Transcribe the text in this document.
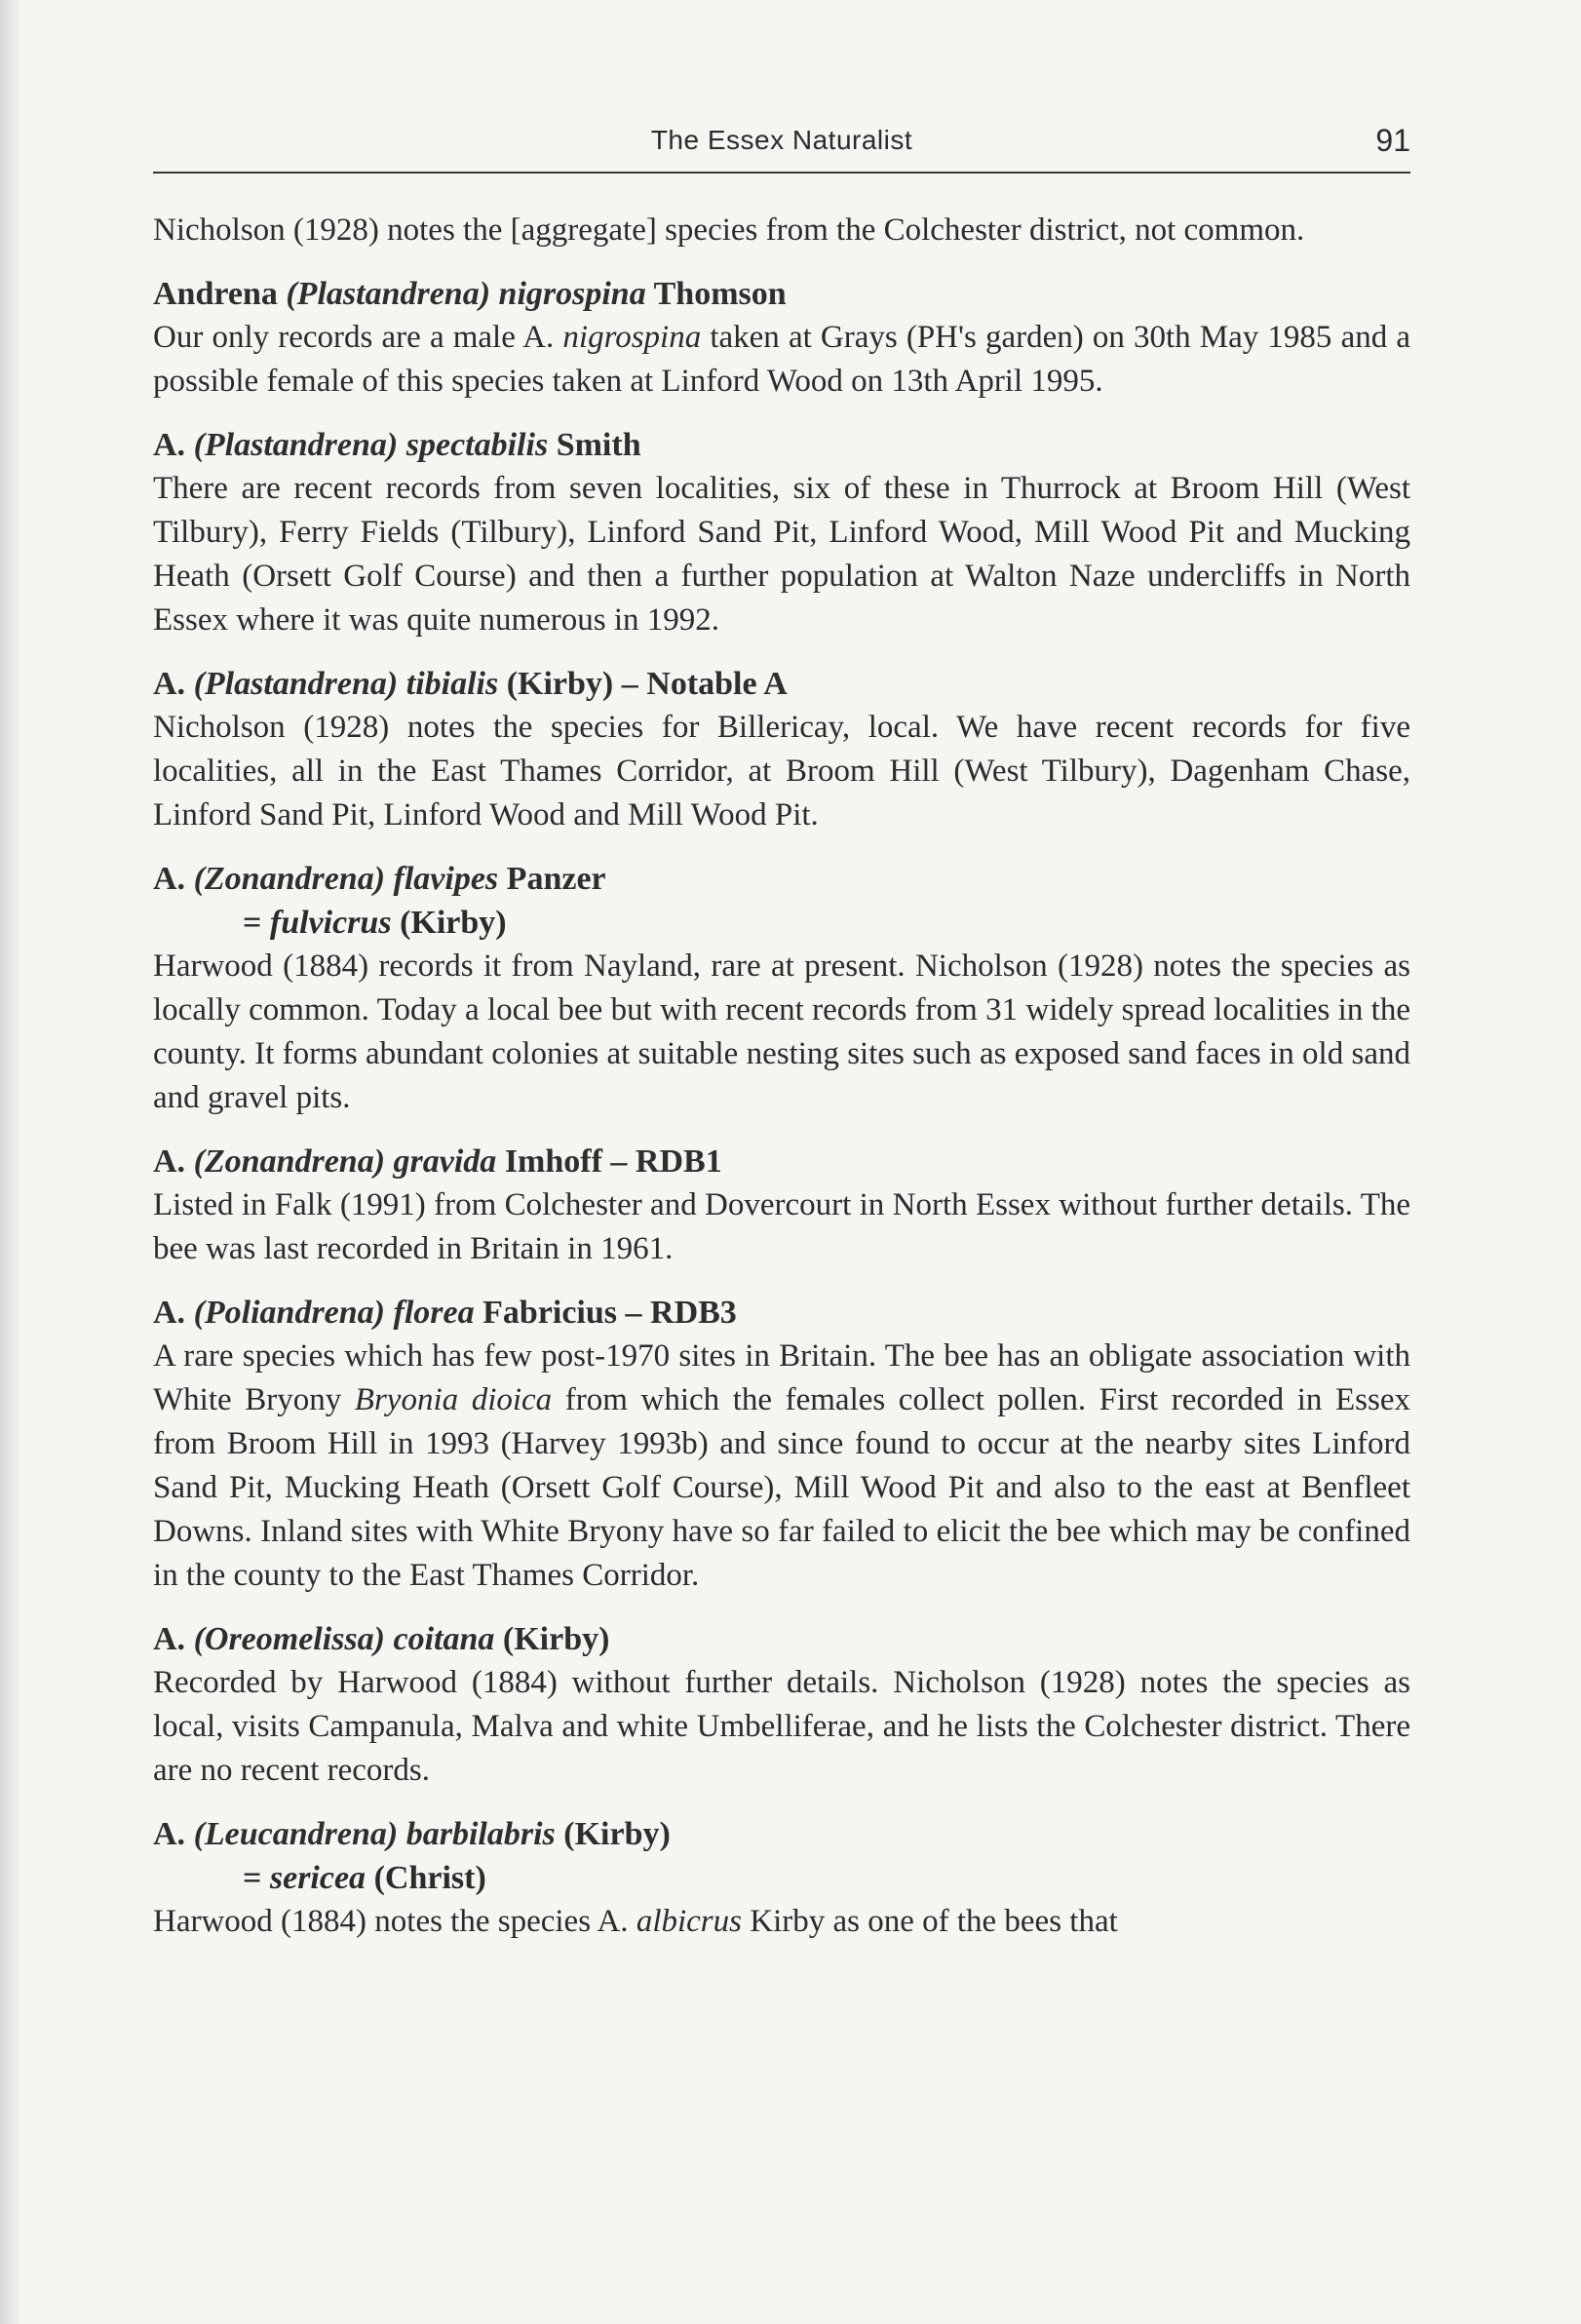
The Essex Naturalist	91

Nicholson (1928) notes the [aggregate] species from the Colchester district, not common.

Andrena (Plastandrena) nigrospina Thomson

Our only records are a male A. nigrospina taken at Grays (PH's garden) on 30th May 1985 and a possible female of this species taken at Linford Wood on 13th April 1995.

A. (Plastandrena) spectabilis Smith

There are recent records from seven localities, six of these in Thurrock at Broom Hill (West Tilbury), Ferry Fields (Tilbury), Linford Sand Pit, Linford Wood, Mill Wood Pit and Mucking Heath (Orsett Golf Course) and then a further population at Walton Naze undercliffs in North Essex where it was quite numerous in 1992.

A. (Plastandrena) tibialis (Kirby) – Notable A

Nicholson (1928) notes the species for Billericay, local. We have recent records for five localities, all in the East Thames Corridor, at Broom Hill (West Tilbury), Dagenham Chase, Linford Sand Pit, Linford Wood and Mill Wood Pit.

A. (Zonandrena) flavipes Panzer
= fulvicrus (Kirby)

Harwood (1884) records it from Nayland, rare at present. Nicholson (1928) notes the species as locally common. Today a local bee but with recent records from 31 widely spread localities in the county. It forms abundant colonies at suitable nesting sites such as exposed sand faces in old sand and gravel pits.

A. (Zonandrena) gravida Imhoff – RDB1

Listed in Falk (1991) from Colchester and Dovercourt in North Essex without further details. The bee was last recorded in Britain in 1961.

A. (Poliandrena) florea Fabricius – RDB3

A rare species which has few post-1970 sites in Britain. The bee has an obligate association with White Bryony Bryonia dioica from which the females collect pollen. First recorded in Essex from Broom Hill in 1993 (Harvey 1993b) and since found to occur at the nearby sites Linford Sand Pit, Mucking Heath (Orsett Golf Course), Mill Wood Pit and also to the east at Benfleet Downs. Inland sites with White Bryony have so far failed to elicit the bee which may be confined in the county to the East Thames Corridor.

A. (Oreomelissa) coitana (Kirby)

Recorded by Harwood (1884) without further details. Nicholson (1928) notes the species as local, visits Campanula, Malva and white Umbelliferae, and he lists the Colchester district. There are no recent records.

A. (Leucandrena) barbilabris (Kirby)
= sericea (Christ)

Harwood (1884) notes the species A. albicrus Kirby as one of the bees that
